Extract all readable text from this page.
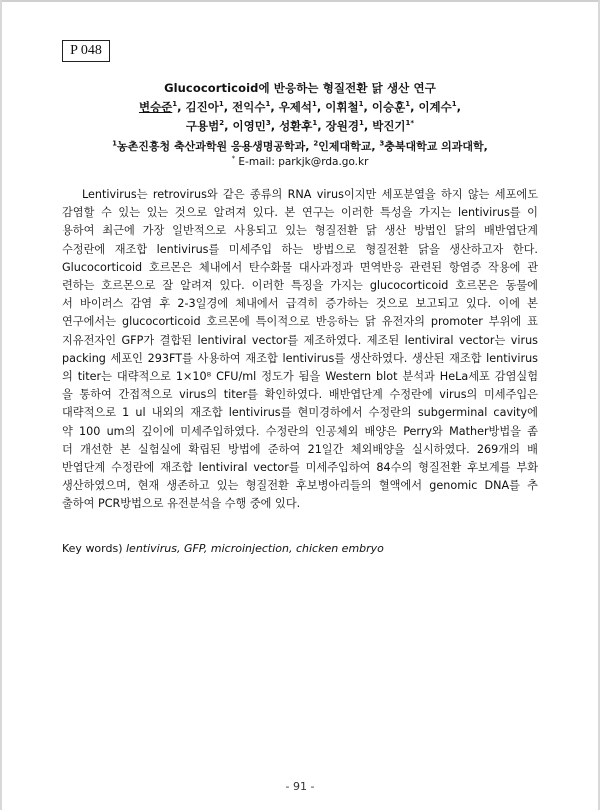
P 048
Glucocorticoid에 반응하는 형질전환 닭 생산 연구
변승준$^1$, 김진아$^1$, 전익수$^1$, 우제석$^1$, 이휘철$^1$, 이승훈$^1$, 이계수$^1$,
구용범$^2$, 이영민$^3$, 성환후$^1$, 장원경$^1$, 박진기$^{1*}$
$^1$농촌진흥청 축산과학원 응용생명공학과, $^2$인제대학교, $^3$충북대학교 의과대학,
* E-mail: parkjk@rda.go.kr
Lentivirus는 retrovirus와 같은 종류의 RNA virus이지만 세포분열을 하지 않는 세포에도
감염할 수 있는 있는 것으로 알려져 있다. 본 연구는 이러한 특성을 가지는 lentivirus를 이
용하여 최근에 가장 일반적으로 사용되고 있는 형질전환 닭 생산 방법인 닭의 배반엽단계
수정란에 재조합 lentivirus를 미세주입 하는 방법으로 형질전환 닭을 생산하고자 한다.
Glucocorticoid 호르몬은 체내에서 탄수화물 대사과정과 면역반응 관련된 항염증 작용에 관
련하는 호르몬으로 잘 알려져 있다. 이러한 특징을 가지는 glucocorticoid 호르몬은 동물에
서 바이러스 감염 후 2-3일경에 체내에서 급격히 증가하는 것으로 보고되고 있다. 이에 본
연구에서는 glucocorticoid 호르몬에 특이적으로 반응하는 닭 유전자의 promoter 부위에 표
지유전자인 GFP가 결합된 lentiviral vector를 제조하였다. 제조된 lentiviral vector는 virus
packing 세포인 293FT를 사용하여 재조합 lentivirus를 생산하였다. 생산된 재조합 lentivirus
의 titer는 대략적으로 1×10⁸ CFU/ml 정도가 됨을 Western blot 분석과 HeLa세포 감염실험
을 통하여 간접적으로 virus의 titer를 확인하였다. 배반엽단계 수정란에 virus의 미세주입은
대략적으로 1 ul 내외의 재조합 lentivirus를 현미경하에서 수정란의 subgerminal cavity에
약 100 um의 깊이에 미세주입하였다. 수정란의 인공체외 배양은 Perry와 Mather방법을 좀
더 개선한 본 실험실에 확립된 방법에 준하여 21일간 체외배양을 실시하였다. 269개의 배
반엽단계 수정란에 재조합 lentiviral vector를 미세주입하여 84수의 형질전환 후보계를 부화
생산하였으며, 현재 생존하고 있는 형질전환 후보병아리들의 혈액에서 genomic DNA를 추
출하여 PCR방법으로 유전분석을 수행 중에 있다.
Key words) lentivirus, GFP, microinjection, chicken embryo
- 91 -
